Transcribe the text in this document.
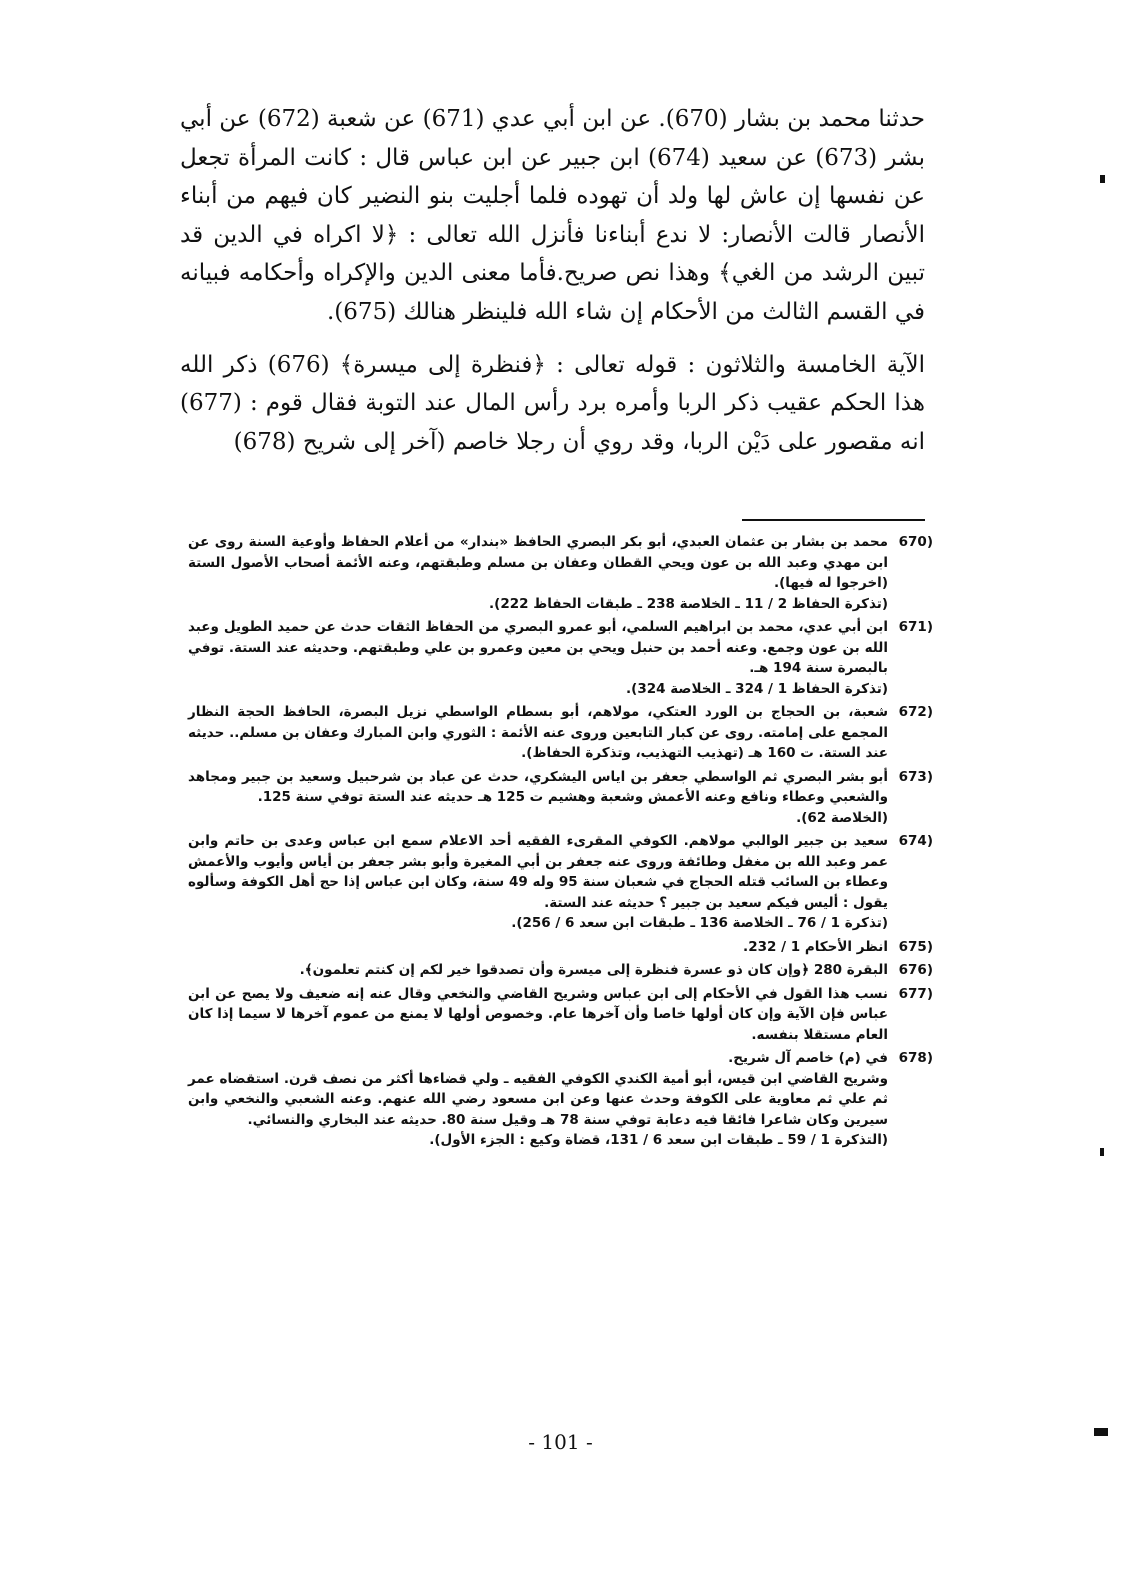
حدثنا محمد بن بشار (670). عن ابن أبي عدي (671) عن شعبة (672) عن أبي بشر (673) عن سعيد (674) ابن جبير عن ابن عباس قال : كانت المرأة تجعل عن نفسها إن عاش لها ولد أن تهوده فلما أجليت بنو النضير كان فيهم من أبناء الأنصار قالت الأنصار: لا ندع أبناءنا فأنزل الله تعالى : ﴿لا اكراه في الدين قد تبين الرشد من الغي﴾ وهذا نص صريح.فأما معنى الدين والإكراه وأحكامه فبيانه في القسم الثالث من الأحكام إن شاء الله فلينظر هنالك (675).

الآية الخامسة والثلاثون : قوله تعالى : ﴿فنظرة إلى ميسرة﴾ (676) ذكر الله هذا الحكم عقيب ذكر الربا وأمره برد رأس المال عند التوبة فقال قوم : (677) انه مقصور على دَيْن الربا، وقد روي أن رجلا خاصم (آخر إلى شريح (678)

670)
محمد بن بشار بن عثمان العبدي، أبو بكر البصري الحافظ «بندار» من أعلام الحفاظ وأوعية السنة روى عن ابن مهدي وعبد الله بن عون ويحي القطان وعفان بن مسلم وطبقتهم، وعنه الأئمة أصحاب الأصول الستة (اخرجوا له فيها).
(تذكرة الحفاظ 2 / 11 ـ الخلاصة 238 ـ طبقات الحفاظ 222).
671)
ابن أبي عدي، محمد بن ابراهيم السلمي، أبو عمرو البصري من الحفاظ الثقات حدث عن حميد الطويل وعبد الله بن عون وجمع. وعنه أحمد بن حنبل ويحي بن معين وعمرو بن علي وطبقتهم. وحديثه عند الستة. توفي بالبصرة سنة 194 هـ.
(تذكرة الحفاظ 1 / 324 ـ الخلاصة 324).
672)
شعبة، بن الحجاج بن الورد العتكي، مولاهم، أبو بسطام الواسطي نزيل البصرة، الحافظ الحجة النظار المجمع على إمامته. روى عن كبار التابعين وروى عنه الأئمة : الثوري وابن المبارك وعفان بن مسلم.. حديثه عند الستة. ت 160 هـ (تهذيب التهذيب، وتذكرة الحفاظ).
673)
أبو بشر البصري ثم الواسطي جعفر بن اياس اليشكري، حدث عن عباد بن شرحبيل وسعيد بن جبير ومجاهد والشعبي وعطاء ونافع وعنه الأعمش وشعبة وهشيم ت 125 هـ حديثه عند الستة توفي سنة 125.
(الخلاصة 62).
674)
سعيد بن جبير الوالبي مولاهم. الكوفي المقرىء الفقيه أحد الاعلام سمع ابن عباس وعدى بن حاتم وابن عمر وعبد الله بن مغفل وطائفة وروى عنه جعفر بن أبي المغيرة وأبو بشر جعفر بن أياس وأيوب والأعمش وعطاء بن السائب قتله الحجاج في شعبان سنة 95 وله 49 سنة، وكان ابن عباس إذا حج أهل الكوفة وسألوه يقول : أليس فيكم سعيد بن جبير ؟ حديثه عند الستة.
(تذكرة 1 / 76 ـ الخلاصة 136 ـ طبقات ابن سعد 6 / 256).
675)
انظر الأحكام 1 / 232.
676)
البقرة 280 ﴿وإن كان ذو عسرة فنظرة إلى ميسرة وأن تصدقوا خير لكم إن كنتم تعلمون﴾.
677)
نسب هذا القول في الأحكام إلى ابن عباس وشريح القاضي والنخعي وقال عنه إنه ضعيف ولا يصح عن ابن عباس فإن الآية وإن كان أولها خاصا وأن آخرها عام. وخصوص أولها لا يمنع من عموم آخرها لا سيما إذا كان العام مستقلا بنفسه.
678)
في (م) خاصم آل شريح.
وشريح القاضي ابن قيس، أبو أمية الكندي الكوفي الفقيه ـ ولي قضاءها أكثر من نصف قرن. استقضاه عمر ثم علي ثم معاوية على الكوفة وحدث عنها وعن ابن مسعود رضي الله عنهم. وعنه الشعبي والنخعي وابن سيرين وكان شاعرا فائقا فيه دعابة توفي سنة 78 هـ وقيل سنة 80. حديثه عند البخاري والنسائي.
(التذكرة 1 / 59 ـ طبقات ابن سعد 6 / 131، قضاة وكيع : الجزء الأول).
- 101 -
